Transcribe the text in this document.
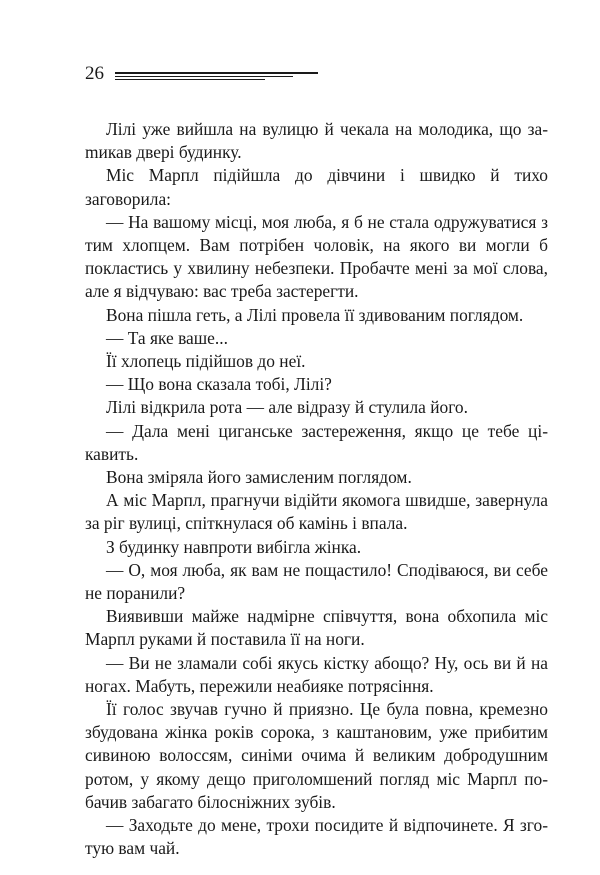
26

Лілі уже вийшла на вулицю й чекала на молодика, що заmикав двері будинку.

Міс Марпл підійшла до дівчини і швидко й тихо заговорила:

— На вашому місці, моя люба, я б не стала одружуватися з тим хлопцем. Вам потрібен чоловік, на якого ви могли б покластись у хвилину небезпеки. Пробачте мені за мої слова, але я відчуваю: вас треба застерегти.

Вона пішла геть, а Лілі провела її здивованим поглядом.

— Та яке ваше...

Її хлопець підійшов до неї.

— Що вона сказала тобі, Лілі?

Лілі відкрила рота — але відразу й стулила його.

— Дала мені циганське застереження, якщо це тебе цікавить.

Вона зміряла його замисленим поглядом.

А міс Марпл, прагнучи відійти якомога швидше, завернула за ріг вулиці, спіткнулася об камінь і впала.

З будинку навпроти вибігла жінка.

— О, моя люба, як вам не пощастило! Сподіваюся, ви себе не поранили?

Виявивши майже надмірне співчуття, вона обхопила міс Марпл руками й поставила її на ноги.

— Ви не зламали собі якусь кістку абощо? Ну, ось ви й на ногах. Мабуть, пережили неабияке потрясіння.

Її голос звучав гучно й приязно. Це була повна, кремезно збудована жінка років сорока, з каштановим, уже прибитим сивиною волоссям, синіми очима й великим добродушним ротом, у якому дещо приголомшений погляд міс Марпл побачив забагато білосніжних зубів.

— Заходьте до мене, трохи посидите й відпочинете. Я зготую вам чай.
